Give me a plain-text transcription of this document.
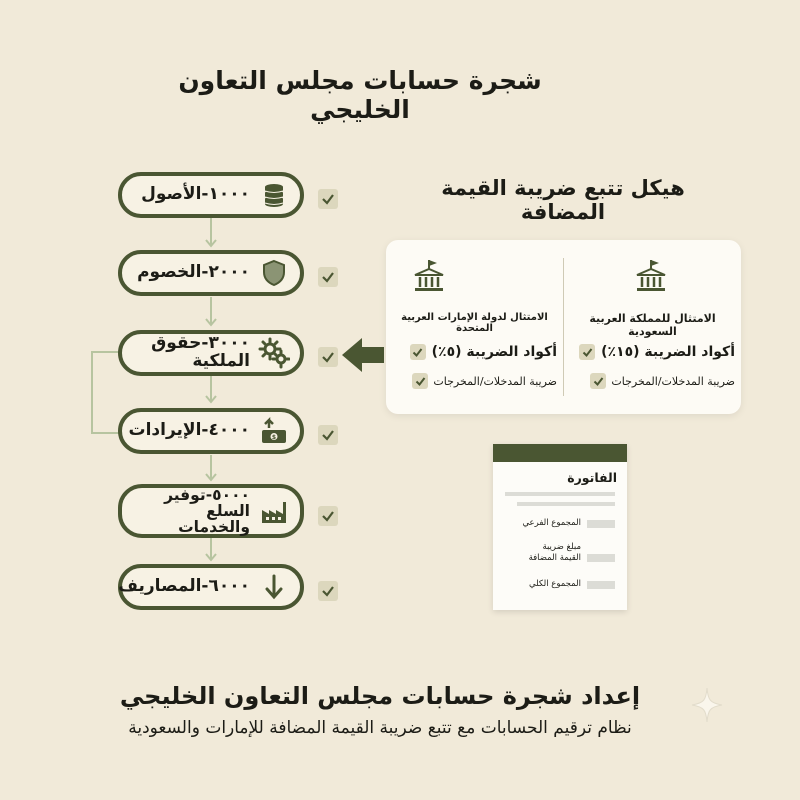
شجرة حسابات مجلس التعاون الخليجي
١٠٠٠-الأصول
٢٠٠٠-الخصوم
٣٠٠٠-حقوق الملكية
$
٤٠٠٠-الإيرادات
٥٠٠٠-توفير السلع والخدمات
٦٠٠٠-المصاريف
هيكل تتبع ضريبة القيمة المضافة
الامتثال للمملكة العربية السعودية
أكواد الضريبة (١٥٪)
ضريبة المدخلات/المخرجات
الامتثال لدولة الإمارات العربية المتحدة
أكواد الضريبة (٥٪)
ضريبة المدخلات/المخرجات
الفاتورة
المجموع الفرعي
مبلغ ضريبة
القيمة المضافة
المجموع الكلي
إعداد شجرة حسابات مجلس التعاون الخليجي
نظام ترقيم الحسابات مع تتبع ضريبة القيمة المضافة للإمارات والسعودية
